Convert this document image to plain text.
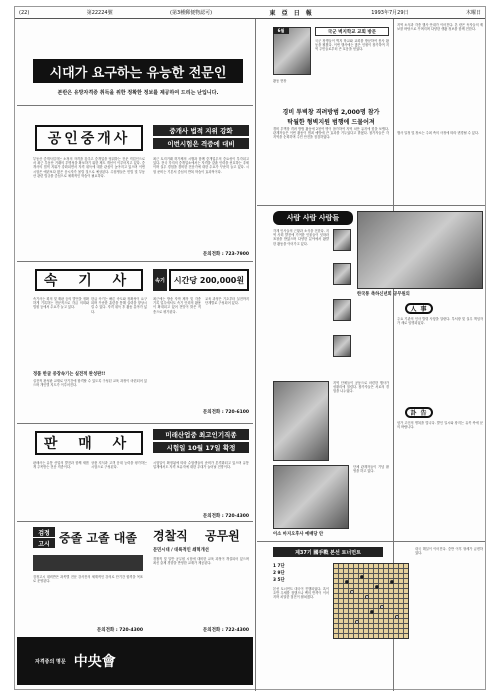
(22)	第22224號	(第3種郵便物認可)	東 亞 日 報	1993年7月29日	木曜日
시대가 요구하는 유능한 전문인
본란은 유망자격증 취득을 위한 정확한 정보를 제공하여 드리는 난입니다.
공인중개사	중개사 법적 지위 강화
이번시험은 격증에 대비
부동산 중개사업자는 소정의 자격을 갖추고 중개업을 영위하는 전문 직업인으로서 최근 부동산 거래의 투명성을 확보하기 위한 제도 개선이 이루어지고 있다. 중개사의 법적 지위가 강화되면서 자격 취득에 대한 관심이 높아지고 있으며 이번 시험은 예년보다 많은 응시자가 몰릴 것으로 예상된다. 수험생들은 민법 및 부동산 관련 법규를 중심으로 체계적인 학습이 필요하다.
최근 토지거래 허가제의 시행과 함께 중개업무의 중요성이 부각되고 있다. 전국 각지의 중개업소에서는 자격을 갖춘 인력을 선호하는 추세이며 실무 경험을 겸비한 전문가에 대한 수요가 꾸준히 늘고 있다. 시험 준비는 기본서 중심의 반복 학습이 효과적이다.
문의전화 : 723-7900
속 기 사	속기	시간당 200,000원
속기사는 회의 및 재판 등의 발언을 정확하게 기록하는 전문직으로 각급 의회와 법원 등에서 수요가 늘고 있다.
한글 속기는 빠른 속도와 정확성이 요구되며 꾸준한 훈련을 통해 실력을 향상시킬 수 있다. 자격 취득 후 활동 분야가 넓다.
최근에는 방송 자막 제작 및 각종 기록 업무에서도 속기 인력의 활용이 확대되고 있어 전망이 밝은 직종으로 평가된다.
교육 과정은 기초부터 실전까지 단계별로 구성되어 있다.
정품 한글 중장속기는 실전적 완성판!!
실전적 완성판 교재로 단기간에 합격할 수 있도록 구성된 교육 과정이 마련되어 있으며 개인별 지도가 이루어진다.
문의전화 : 720-6100
판 매 사
미래산업중 최고인기직종
시험일 10월 17일 확정
판매사는 유통 산업의 발전과 함께 새롭게 주목받는 전문 직종이다.
상품 지식과 고객 응대 능력을 평가하는 시험으로 구성된다.
시험일이 확정됨에 따라 수험생들의 준비가 본격화되고 있으며 유통 업계에서도 자격 보유자에 대한 우대가 늘어날 전망이다.
문의전화 : 720-4300
검정
고시 중졸 고졸 대졸 경찰직 공무원
문민시대 / 대륙적인 쇄혁개선
검정고시 대비반은 과목별 전문 강사진의 체계적인 강의로 단기간 합격을 목표로 운영된다.
경찰직 및 일반 공무원 시험에 대비한 교육 과정이 개설되어 있으며 최신 출제 경향을 반영한 교재가 제공된다.
문의전화 : 720-4300	문의전화 : 722-4300
자격증의 명문 中央會
6월	국군 벽지학교 교회 방문
국군 장병들이 벽지 학교와 교회를 방문하여 봉사 활동을 펼쳤다. 이번 행사에는 많은 인원이 참가하여 지역 주민들로부터 큰 호응을 얻었다.
활동 현장
경비 투벽창 격려방범 2,000명 참가
탁월한 형벽지원 범행에 드물어져
경비 투벽창 격려 방범 활동에 2천여 명이 참가하여 지역 치안 유지에 힘을 보탰다. 관계자들은 이번 활동이 범죄 예방에 큰 효과를 거두었다고 밝혔다. 참가자들은 각 지역을 순회하며 주민 안전을 점검하였다.
지역 소식과 각종 행사 안내가 이어진다. 본 란은 독자들의 제보를 바탕으로 꾸며지며 다양한 생활 정보를 함께 전한다.
행사 일정 및 장소는 주최 측의 사정에 따라 변경될 수 있다.
사람 사람 사람들
각계 인사들의 근황과 소식을 전한다. 지역 사회 발전에 기여한 인물들이 잇따라 표창을 받았으며 다양한 분야에서 활발한 활동을 이어가고 있다.
한국통 축하신년회 공무원의
人 事
주요 기관의 인사 발령 사항을 알린다. 부서장 및 실무 책임자가 새로 임명되었다.
지역 단체들이 공동으로 마련한 행사가 성황리에 열렸다. 참가자들은 서로의 경험을 나누었다.
訃 告
삼가 고인의 명복을 빕니다. 발인 일시와 장지는 유족 측에 문의 바랍니다.
이소 마지오후사 예배당 안
단체 관계자들이 기념 촬영을 하고 있다.
제37기 國手戰 본선 토너먼트
1 7단
2 9단
3 5단
본선 토너먼트 대국이 진행되었다. 흑이 초반 우세를 점했으나 백의 반격이 이어지며 치열한 접전이 펼쳐졌다.
대국 해설이 이어진다. 중반 이후 형세가 급변하였다.
